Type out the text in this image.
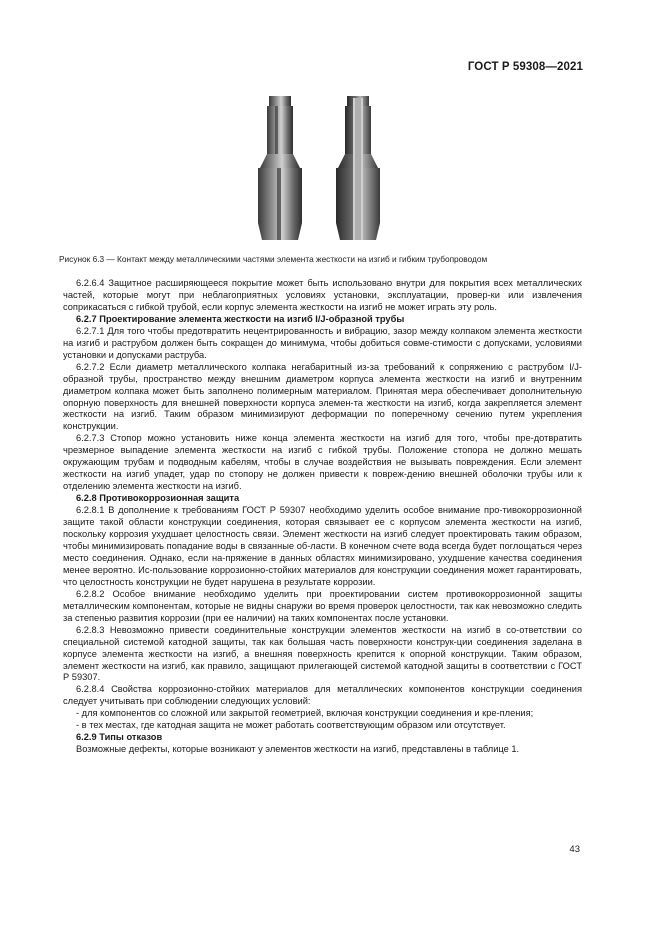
ГОСТ Р 59308—2021
Рисунок 6.3 — Контакт между металлическими частями элемента жесткости на изгиб и гибким трубопроводом

6.2.6.4 Защитное расширяющееся покрытие может быть использовано внутри для покрытия всех металлических частей, которые могут при неблагоприятных условиях установки, эксплуатации, провер-ки или извлечения соприкасаться с гибкой трубой, если корпус элемента жесткости на изгиб не может играть эту роль.

6.2.7 Проектирование элемента жесткости на изгиб I/J-образной трубы

6.2.7.1 Для того чтобы предотвратить нецентрированность и вибрацию, зазор между колпаком элемента жесткости на изгиб и раструбом должен быть сокращен до минимума, чтобы добиться совме-стимости с допусками, условиями установки и допусками раструба.

6.2.7.2 Если диаметр металлического колпака негабаритный из-за требований к сопряжению с раструбом I/J-образной трубы, пространство между внешним диаметром корпуса элемента жесткости на изгиб и внутренним диаметром колпака может быть заполнено полимерным материалом. Принятая мера обеспечивает дополнительную опорную поверхность для внешней поверхности корпуса элемен-та жесткости на изгиб, когда закрепляется элемент жесткости на изгиб. Таким образом минимизируют деформации по поперечному сечению путем укрепления конструкции.

6.2.7.3 Стопор можно установить ниже конца элемента жесткости на изгиб для того, чтобы пре-дотвратить чрезмерное выпадение элемента жесткости на изгиб с гибкой трубы. Положение стопора не должно мешать окружающим трубам и подводным кабелям, чтобы в случае воздействия не вызывать повреждения. Если элемент жесткости на изгиб упадет, удар по стопору не должен привести к повреж-дению внешней оболочки трубы или к отделению элемента жесткости на изгиб.

6.2.8 Противокоррозионная защита

6.2.8.1 В дополнение к требованиям ГОСТ Р 59307 необходимо уделить особое внимание про-тивокоррозионной защите такой области конструкции соединения, которая связывает ее с корпусом элемента жесткости на изгиб, поскольку коррозия ухудшает целостность связи. Элемент жесткости на изгиб следует проектировать таким образом, чтобы минимизировать попадание воды в связанные об-ласти. В конечном счете вода всегда будет поглощаться через место соединения. Однако, если на-пряжение в данных областях минимизировано, ухудшение качества соединения менее вероятно. Ис-пользование коррозионно-стойких материалов для конструкции соединения может гарантировать, что целостность конструкции не будет нарушена в результате коррозии.

6.2.8.2 Особое внимание необходимо уделить при проектировании систем противокоррозионной защиты металлическим компонентам, которые не видны снаружи во время проверок целостности, так как невозможно следить за степенью развития коррозии (при ее наличии) на таких компонентах после установки.

6.2.8.3 Невозможно привести соединительные конструкции элементов жесткости на изгиб в со-ответствии со специальной системой катодной защиты, так как большая часть поверхности конструк-ции соединения заделана в корпусе элемента жесткости на изгиб, а внешняя поверхность крепится к опорной конструкции. Таким образом, элемент жесткости на изгиб, как правило, защищают прилегающей системой катодной защиты в соответствии с ГОСТ Р 59307.

6.2.8.4 Свойства коррозионно-стойких материалов для металлических компонентов конструкции соединения следует учитывать при соблюдении следующих условий:

- для компонентов со сложной или закрытой геометрией, включая конструкции соединения и кре-пления;

- в тех местах, где катодная защита не может работать соответствующим образом или отсутствует.

6.2.9 Типы отказов

Возможные дефекты, которые возникают у элементов жесткости на изгиб, представлены в таблице 1.

43
